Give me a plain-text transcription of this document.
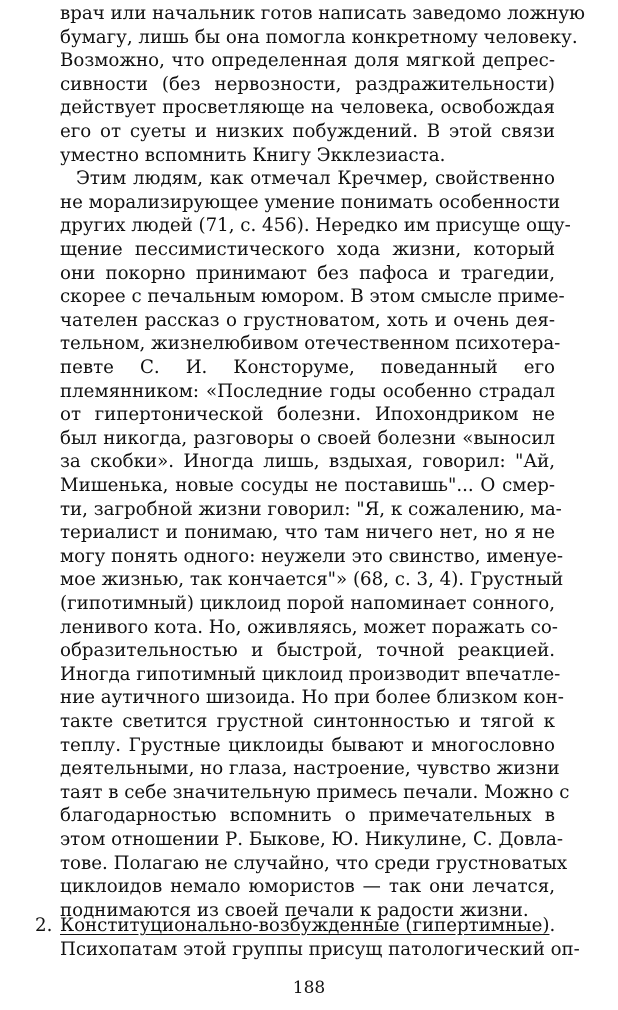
врач или начальник готов написать заведомо ложную
бумагу, лишь бы она помогла конкретному человеку.
Возможно, что определенная доля мягкой депрес-
сивности (без нервозности, раздражительности)
действует просветляюще на человека, освобождая
его от суеты и низких побуждений. В этой связи
уместно вспомнить Книгу Экклезиаста.
Этим людям, как отмечал Кречмер, свойственно
не морализирующее умение понимать особенности
других людей (71, с. 456). Нередко им присуще ощу-
щение пессимистического хода жизни, который
они покорно принимают без пафоса и трагедии,
скорее с печальным юмором. В этом смысле приме-
чателен рассказ о грустноватом, хоть и очень дея-
тельном, жизнелюбивом отечественном психотера-
певте С. И. Консторуме, поведанный его
племянником: «Последние годы особенно страдал
от гипертонической болезни. Ипохондриком не
был никогда, разговоры о своей болезни «выносил
за скобки». Иногда лишь, вздыхая, говорил: "Ай,
Мишенька, новые сосуды не поставишь"... О смер-
ти, загробной жизни говорил: "Я, к сожалению, ма-
териалист и понимаю, что там ничего нет, но я не
могу понять одного: неужели это свинство, именуе-
мое жизнью, так кончается"» (68, с. 3, 4). Грустный
(гипотимный) циклоид порой напоминает сонного,
ленивого кота. Но, оживляясь, может поражать со-
образительностью и быстрой, точной реакцией.
Иногда гипотимный циклоид производит впечатле-
ние аутичного шизоида. Но при более близком кон-
такте светится грустной синтонностью и тягой к
теплу. Грустные циклоиды бывают и многословно
деятельными, но глаза, настроение, чувство жизни
таят в себе значительную примесь печали. Можно с
благодарностью вспомнить о примечательных в
этом отношении Р. Быкове, Ю. Никулине, С. Довла-
тове. Полагаю не случайно, что среди грустноватых
циклоидов немало юмористов — так они лечатся,
поднимаются из своей печали к радости жизни.
2. Конституционально-возбужденные (гипертимные).
Психопатам этой группы присущ патологический оп-
188
